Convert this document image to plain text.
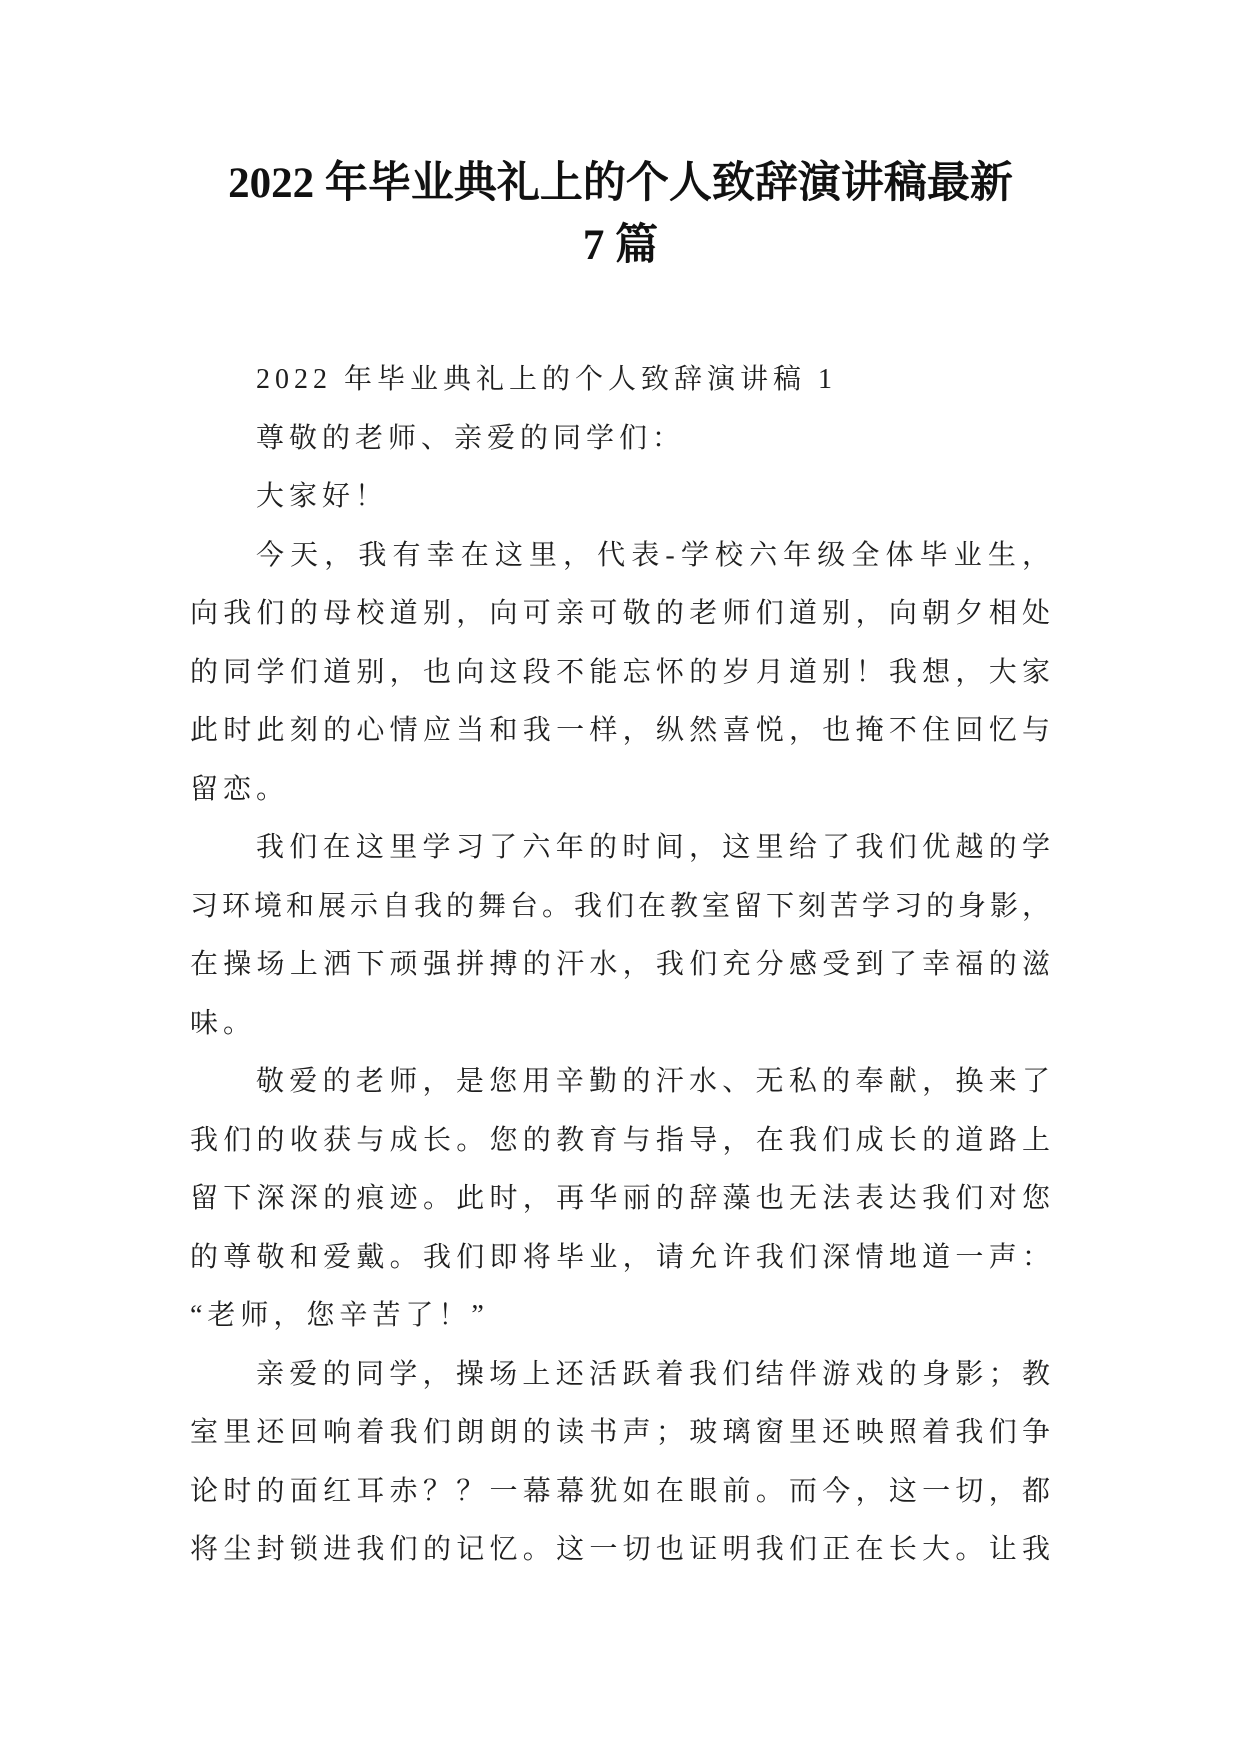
2022 年毕业典礼上的个人致辞演讲稿最新
7 篇
2022 年毕业典礼上的个人致辞演讲稿 1
尊敬的老师、亲爱的同学们：
大家好！
今天，我有幸在这里，代表-学校六年级全体毕业生，
向我们的母校道别，向可亲可敬的老师们道别，向朝夕相处
的同学们道别，也向这段不能忘怀的岁月道别！我想，大家
此时此刻的心情应当和我一样，纵然喜悦，也掩不住回忆与
留恋。
我们在这里学习了六年的时间，这里给了我们优越的学
习环境和展示自我的舞台。我们在教室留下刻苦学习的身影，
在操场上洒下顽强拼搏的汗水，我们充分感受到了幸福的滋
味。
敬爱的老师，是您用辛勤的汗水、无私的奉献，换来了
我们的收获与成长。您的教育与指导，在我们成长的道路上
留下深深的痕迹。此时，再华丽的辞藻也无法表达我们对您
的尊敬和爱戴。我们即将毕业，请允许我们深情地道一声：
“老师，您辛苦了！”
亲爱的同学，操场上还活跃着我们结伴游戏的身影；教
室里还回响着我们朗朗的读书声；玻璃窗里还映照着我们争
论时的面红耳赤？？一幕幕犹如在眼前。而今，这一切，都
将尘封锁进我们的记忆。这一切也证明我们正在长大。让我
